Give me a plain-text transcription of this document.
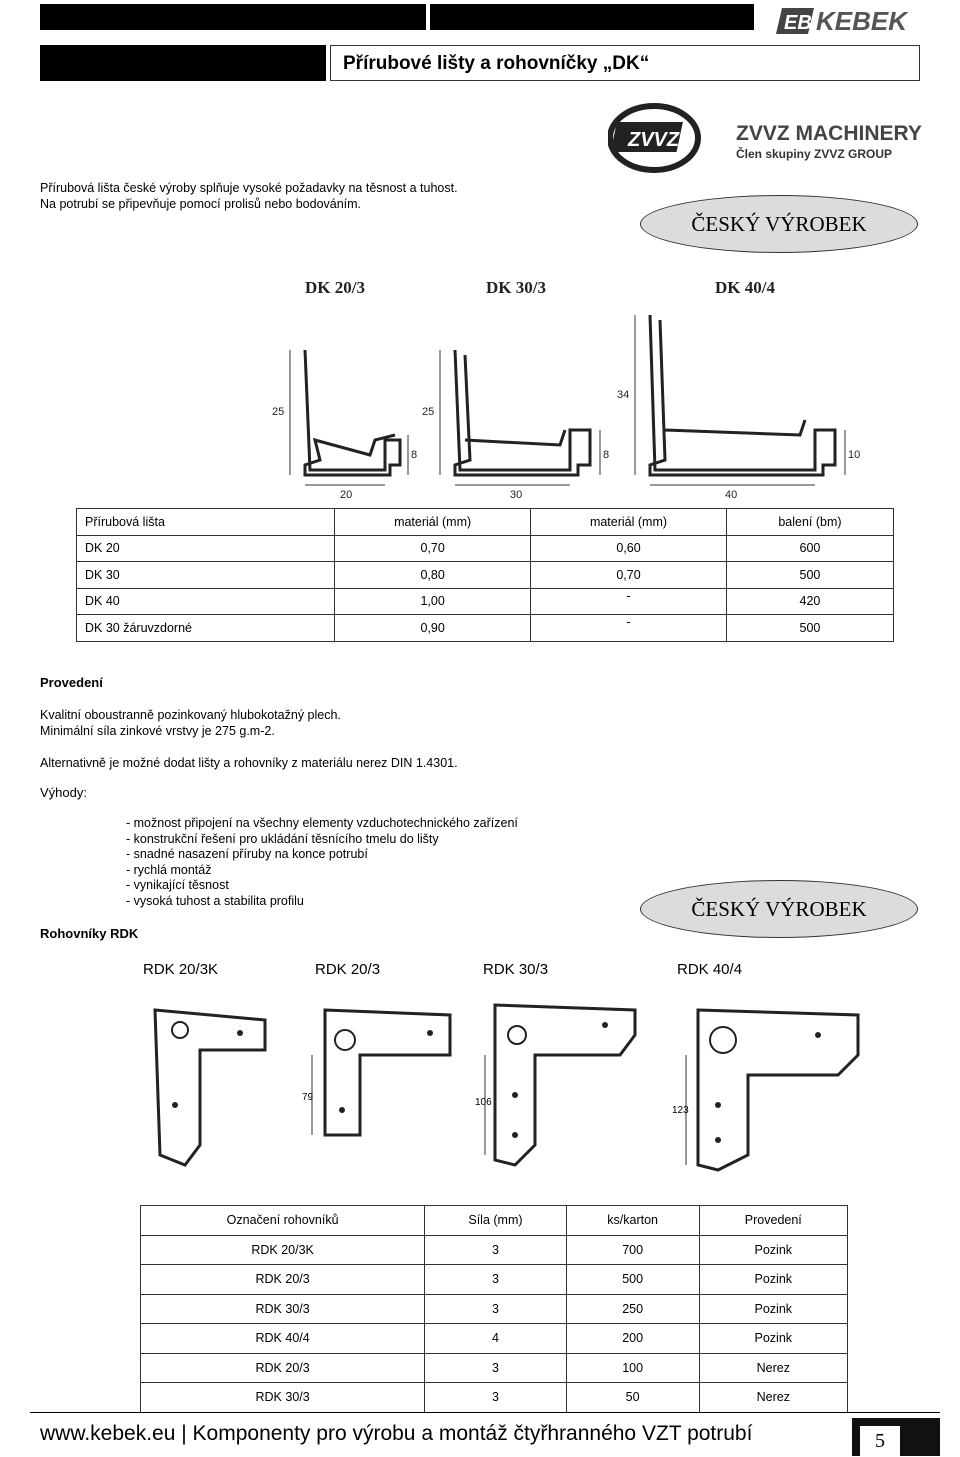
EB KEBEK
Přírubové lišty a rohovníčky „DK“
ZVVZ	ZVVZ MACHINERY
Člen skupiny ZVVZ GROUP
Přírubová lišta české výroby splňuje vysoké požadavky na těsnost a tuhost.
Na potrubí se připevňuje pomocí prolisů nebo bodováním.
ČESKÝ VÝROBEK
DK 20/3	DK 30/3	DK 40/4
25
20
8
25
30
8
34
40
10
Přírubová lišta	materiál (mm)	materiál (mm)	balení (bm)
DK 20	0,70	0,60	600
DK 30	0,80	0,70	500
DK 40	1,00	-	420
DK 30 žáruvzdorné	0,90	-	500
Provedení
Kvalitní oboustranně pozinkovaný hlubokotažný plech.
Minimální síla zinkové vrstvy je 275 g.m-2.
Alternativně je možné dodat lišty a rohovníky z materiálu nerez DIN 1.4301.
Výhody:
- možnost připojení na všechny elementy vzduchotechnického zařízení
- konstrukční řešení pro ukládání těsnícího tmelu do lišty
- snadné nasazení příruby na konce potrubí
- rychlá montáž
- vynikající těsnost
- vysoká tuhost a stabilita profilu	ČESKÝ VÝROBEK
Rohovníky RDK
RDK 20/3K	RDK 20/3	RDK 30/3	RDK 40/4
79	106
123
Označení rohovníků	Síla (mm)	ks/karton	Provedení
RDK 20/3K	3	700	Pozink
RDK 20/3	3	500	Pozink
RDK 30/3	3	250	Pozink
RDK 40/4	4	200	Pozink
RDK 20/3	3	100	Nerez
RDK 30/3	3	50	Nerez
www.kebek.eu | Komponenty pro výrobu a montáž čtyřhranného VZT potrubí	5
